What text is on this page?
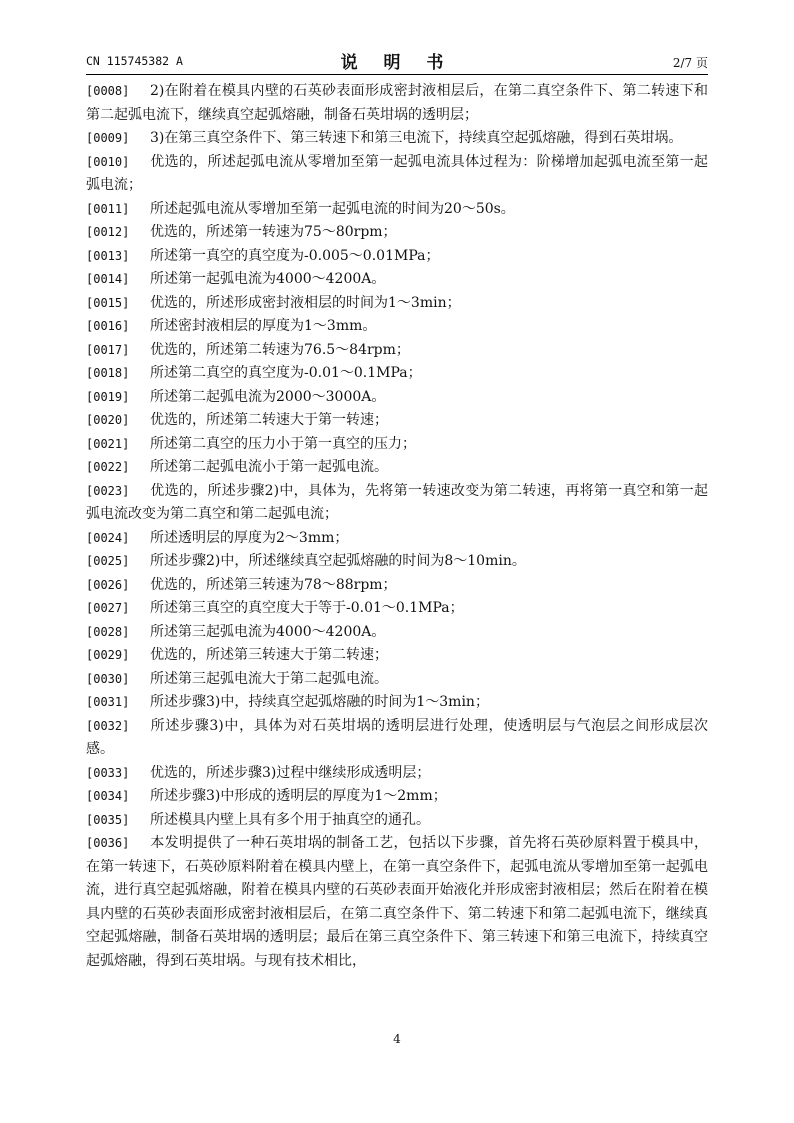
CN 115745382 A	说 明 书	2/7 页

[0008] 2)在附着在模具内壁的石英砂表面形成密封液相层后，在第二真空条件下、第二转速下和第二起弧电流下，继续真空起弧熔融，制备石英坩埚的透明层；

[0009] 3)在第三真空条件下、第三转速下和第三电流下，持续真空起弧熔融，得到石英坩埚。

[0010] 优选的，所述起弧电流从零增加至第一起弧电流具体过程为：阶梯增加起弧电流至第一起弧电流；

[0011] 所述起弧电流从零增加至第一起弧电流的时间为20～50s。

[0012] 优选的，所述第一转速为75～80rpm；

[0013] 所述第一真空的真空度为-0.005～0.01MPa；

[0014] 所述第一起弧电流为4000～4200A。

[0015] 优选的，所述形成密封液相层的时间为1～3min；

[0016] 所述密封液相层的厚度为1～3mm。

[0017] 优选的，所述第二转速为76.5～84rpm；

[0018] 所述第二真空的真空度为-0.01～0.1MPa；

[0019] 所述第二起弧电流为2000～3000A。

[0020] 优选的，所述第二转速大于第一转速；

[0021] 所述第二真空的压力小于第一真空的压力；

[0022] 所述第二起弧电流小于第一起弧电流。

[0023] 优选的，所述步骤2)中，具体为，先将第一转速改变为第二转速，再将第一真空和第一起弧电流改变为第二真空和第二起弧电流；

[0024] 所述透明层的厚度为2～3mm；

[0025] 所述步骤2)中，所述继续真空起弧熔融的时间为8～10min。

[0026] 优选的，所述第三转速为78～88rpm；

[0027] 所述第三真空的真空度大于等于-0.01～0.1MPa；

[0028] 所述第三起弧电流为4000～4200A。

[0029] 优选的，所述第三转速大于第二转速；

[0030] 所述第三起弧电流大于第二起弧电流。

[0031] 所述步骤3)中，持续真空起弧熔融的时间为1～3min；

[0032] 所述步骤3)中，具体为对石英坩埚的透明层进行处理，使透明层与气泡层之间形成层次感。

[0033] 优选的，所述步骤3)过程中继续形成透明层；

[0034] 所述步骤3)中形成的透明层的厚度为1～2mm；

[0035] 所述模具内壁上具有多个用于抽真空的通孔。

[0036] 本发明提供了一种石英坩埚的制备工艺，包括以下步骤，首先将石英砂原料置于模具中，在第一转速下，石英砂原料附着在模具内壁上，在第一真空条件下，起弧电流从零增加至第一起弧电流，进行真空起弧熔融，附着在模具内壁的石英砂表面开始液化并形成密封液相层；然后在附着在模具内壁的石英砂表面形成密封液相层后，在第二真空条件下、第二转速下和第二起弧电流下，继续真空起弧熔融，制备石英坩埚的透明层；最后在第三真空条件下、第三转速下和第三电流下，持续真空起弧熔融，得到石英坩埚。与现有技术相比，

4
